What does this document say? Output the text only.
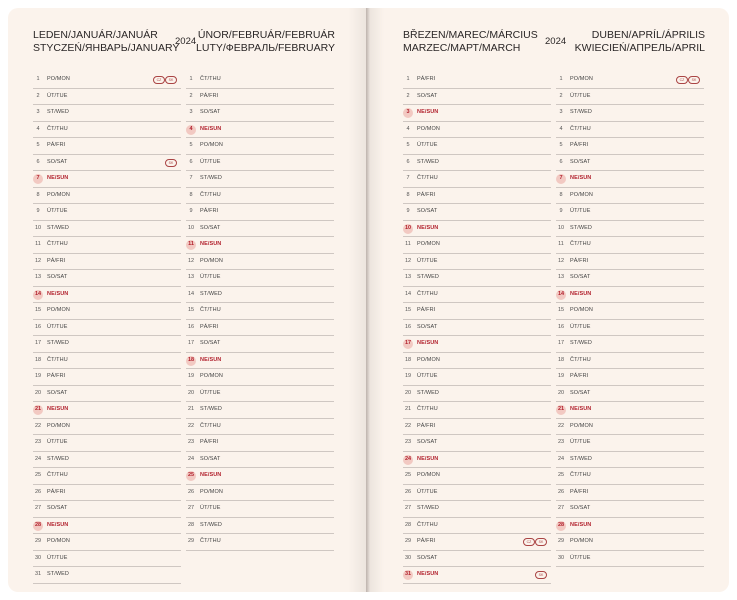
LEDEN/JANUÁR/JANUÁR
STYCZEŃ/ЯНВАРЬ/JANUARY
2024
ÚNOR/FEBRUÁR/FEBRUÁR
LUTY/ФЕВРАЛЬ/FEBRUARY
1	PO/MON	CZ	SK
2	ÚT/TUE
3	ST/WED
4	ČT/THU
5	PÁ/FRI
6	SO/SAT	SK
7	NE/SUN
8	PO/MON
9	ÚT/TUE
10	ST/WED
11	ČT/THU
12	PÁ/FRI
13	SO/SAT
14	NE/SUN
15	PO/MON
16	ÚT/TUE
17	ST/WED
18	ČT/THU
19	PÁ/FRI
20	SO/SAT
21	NE/SUN
22	PO/MON
23	ÚT/TUE
24	ST/WED
25	ČT/THU
26	PÁ/FRI
27	SO/SAT
28	NE/SUN
29	PO/MON
30	ÚT/TUE
31	ST/WED
1	ČT/THU
2	PÁ/FRI
3	SO/SAT
4	NE/SUN
5	PO/MON
6	ÚT/TUE
7	ST/WED
8	ČT/THU
9	PÁ/FRI
10	SO/SAT
11	NE/SUN
12	PO/MON
13	ÚT/TUE
14	ST/WED
15	ČT/THU
16	PÁ/FRI
17	SO/SAT
18	NE/SUN
19	PO/MON
20	ÚT/TUE
21	ST/WED
22	ČT/THU
23	PÁ/FRI
24	SO/SAT
25	NE/SUN
26	PO/MON
27	ÚT/TUE
28	ST/WED
29	ČT/THU
BŘEZEN/MAREC/MÁRCIUS
MARZEC/МАРТ/MARCH
2024
DUBEN/APRÍL/ÁPRILIS
KWIECIEŃ/АПРЕЛЬ/APRIL
1	PÁ/FRI
2	SO/SAT
3	NE/SUN
4	PO/MON
5	ÚT/TUE
6	ST/WED
7	ČT/THU
8	PÁ/FRI
9	SO/SAT
10	NE/SUN
11	PO/MON
12	ÚT/TUE
13	ST/WED
14	ČT/THU
15	PÁ/FRI
16	SO/SAT
17	NE/SUN
18	PO/MON
19	ÚT/TUE
20	ST/WED
21	ČT/THU
22	PÁ/FRI
23	SO/SAT
24	NE/SUN
25	PO/MON
26	ÚT/TUE
27	ST/WED
28	ČT/THU
29	PÁ/FRI	CZ	SK
30	SO/SAT
31	NE/SUN	SK
1	PO/MON	CZ	SK
2	ÚT/TUE
3	ST/WED
4	ČT/THU
5	PÁ/FRI
6	SO/SAT
7	NE/SUN
8	PO/MON
9	ÚT/TUE
10	ST/WED
11	ČT/THU
12	PÁ/FRI
13	SO/SAT
14	NE/SUN
15	PO/MON
16	ÚT/TUE
17	ST/WED
18	ČT/THU
19	PÁ/FRI
20	SO/SAT
21	NE/SUN
22	PO/MON
23	ÚT/TUE
24	ST/WED
25	ČT/THU
26	PÁ/FRI
27	SO/SAT
28	NE/SUN
29	PO/MON
30	ÚT/TUE
